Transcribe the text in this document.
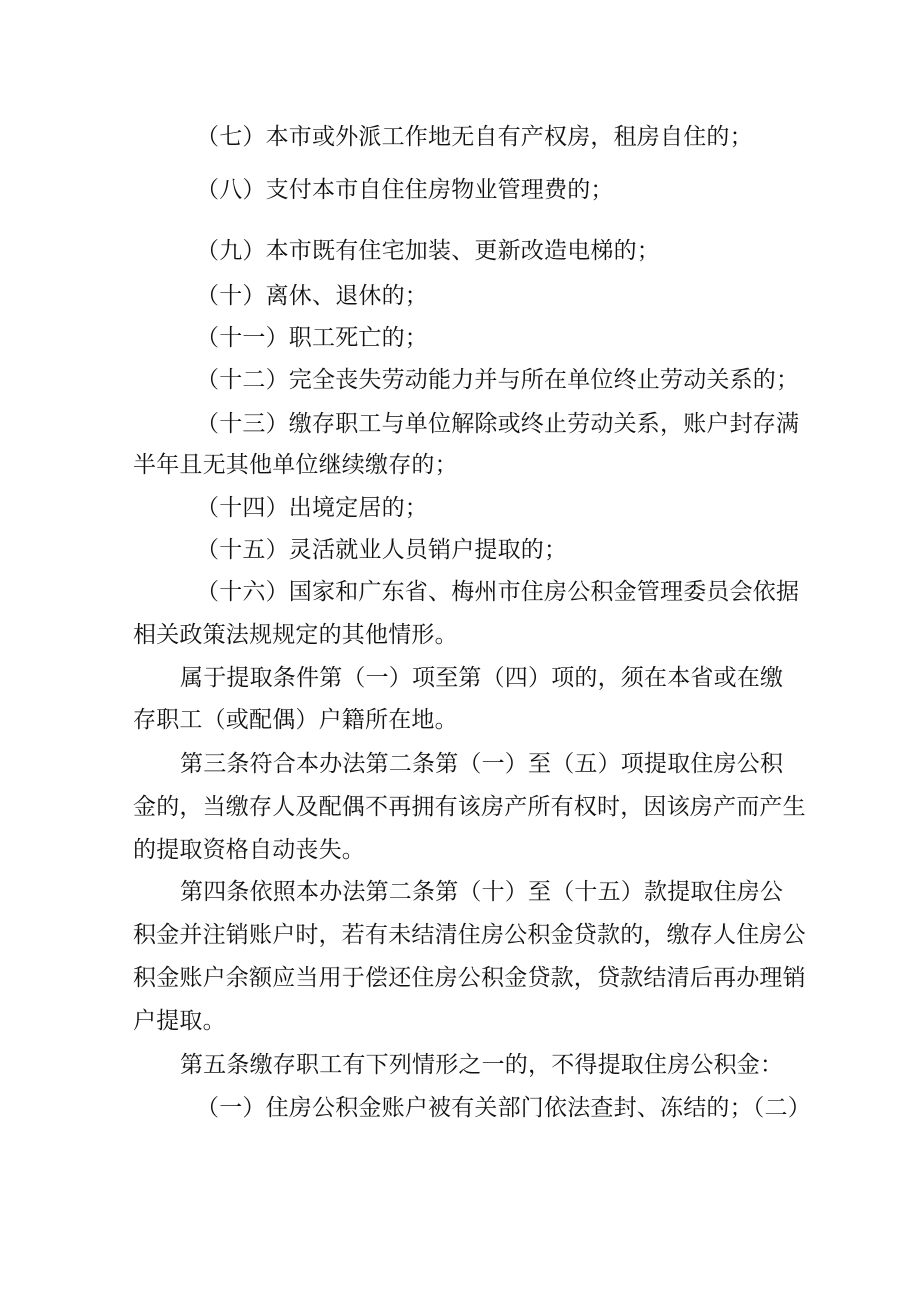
（七）本市或外派工作地无自有产权房，租房自住的；
（八）支付本市自住住房物业管理费的；
（九）本市既有住宅加装、更新改造电梯的；
（十）离休、退休的；
（十一）职工死亡的；
（十二）完全丧失劳动能力并与所在单位终止劳动关系的；
（十三）缴存职工与单位解除或终止劳动关系，账户封存满
半年且无其他单位继续缴存的；
（十四）出境定居的；
（十五）灵活就业人员销户提取的；
（十六）国家和广东省、梅州市住房公积金管理委员会依据
相关政策法规规定的其他情形。
属于提取条件第（一）项至第（四）项的，须在本省或在缴
存职工（或配偶）户籍所在地。
第三条符合本办法第二条第（一）至（五）项提取住房公积
金的，当缴存人及配偶不再拥有该房产所有权时，因该房产而产生
的提取资格自动丧失。
第四条依照本办法第二条第（十）至（十五）款提取住房公
积金并注销账户时，若有未结清住房公积金贷款的，缴存人住房公
积金账户余额应当用于偿还住房公积金贷款，贷款结清后再办理销
户提取。
第五条缴存职工有下列情形之一的，不得提取住房公积金：
（一）住房公积金账户被有关部门依法查封、冻结的；（二）
